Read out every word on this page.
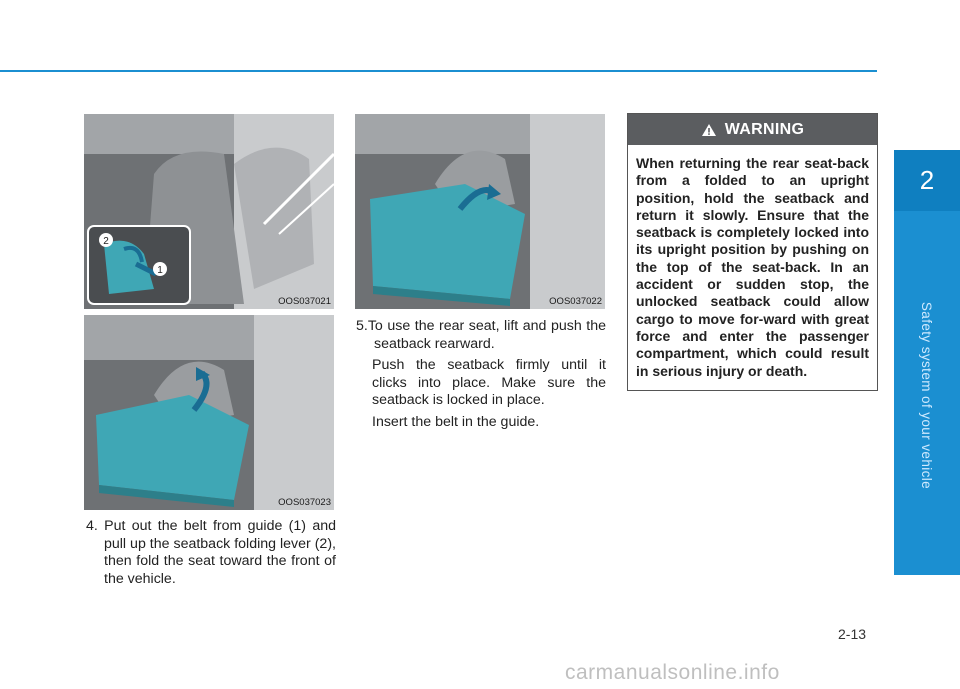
2
Safety system of your vehicle
2
1
OOS037021
OOS037023
OOS037022

4. Put out the belt from guide (1) and pull up the seatback folding lever (2), then fold the seat toward the front of the vehicle.

5.To use the rear seat, lift and push the seatback rearward.

Push the seatback firmly until it clicks into place. Make sure the seatback is locked in place.

Insert the belt in the guide.

WARNING
When returning the rear seat-back from a folded to an upright position, hold the seatback and return it slowly. Ensure that the seatback is completely locked into its upright position by pushing on the top of the seat-back. In an accident or sudden stop, the unlocked seatback could allow cargo to move for-ward with great force and enter the passenger compartment, which could result in serious injury or death.
2-13
carmanualsonline.info
